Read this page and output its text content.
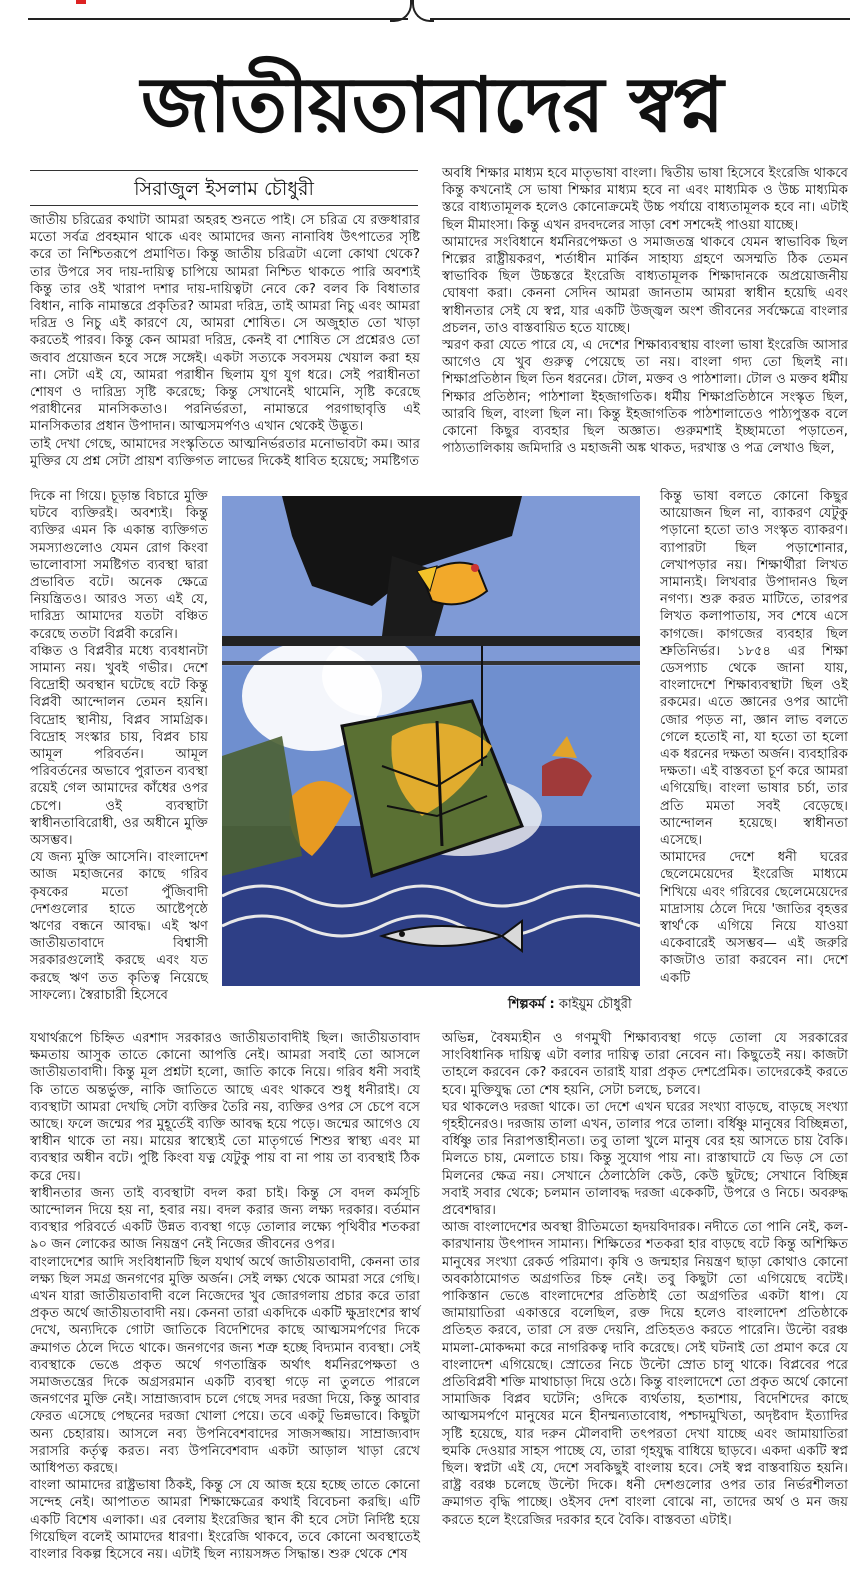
জাতীয়তাবাদের স্বপ্ন
সিরাজুল ইসলাম চৌধুরী

জাতীয় চরিত্রের কথাটা আমরা অহরহ শুনতে পাই। সে চরিত্র যে রক্তধারার মতো সর্বত্র প্রবহমান থাকে এবং আমাদের জন্য নানাবিধ উৎপাতের সৃষ্টি করে তা নিশ্চিতরূপে প্রমাণিত। কিন্তু জাতীয় চরিত্রটা এলো কোথা থেকে? তার উপরে সব দায়-দায়িত্ব চাপিয়ে আমরা নিশ্চিত থাকতে পারি অবশ্যই কিন্তু তার ওই খারাপ দশার দায়-দায়িত্বটা নেবে কে? বলব কি বিধাতার বিধান, নাকি নামান্তরে প্রকৃতির? আমরা দরিদ্র, তাই আমরা নিচু এবং আমরা দরিদ্র ও নিচু এই কারণে যে, আমরা শোষিত। সে অজুহাত তো খাড়া করতেই পারব। কিন্তু কেন আমরা দরিদ্র, কেনই বা শোষিত সে প্রশ্নেরও তো জবাব প্রয়োজন হবে সঙ্গে সঙ্গেই। একটা সত্যকে সবসময় খেয়াল করা হয় না। সেটা এই যে, আমরা পরাধীন ছিলাম যুগ যুগ ধরে। সেই পরাধীনতা শোষণ ও দারিদ্র্য সৃষ্টি করেছে; কিন্তু সেখানেই থামেনি, সৃষ্টি করেছে পরাধীনের মানসিকতাও। পরনির্ভরতা, নামান্তরে পরগাছাবৃত্তি এই মানসিকতার প্রধান উপাদান। আত্মসমর্পণও এখান থেকেই উদ্ভূত।

তাই দেখা গেছে, আমাদের সংস্কৃতিতে আত্মনির্ভরতার মনোভাবটা কম। আর মুক্তির যে প্রশ্ন সেটা প্রায়শ ব্যক্তিগত লাভের দিকেই ধাবিত হয়েছে; সমষ্টিগত

দিকে না গিয়ে। চূড়ান্ত বিচারে মুক্তি ঘটবে ব্যক্তিরই। অবশ্যই। কিন্তু ব্যক্তির এমন কি একান্ত ব্যক্তিগত সমস্যাগুলোও যেমন রোগ কিংবা ভালোবাসা সমষ্টিগত ব্যবস্থা দ্বারা প্রভাবিত বটে। অনেক ক্ষেত্রে নিয়ন্ত্রিতও। আরও সত্য এই যে, দারিদ্র্য আমাদের যতটা বঞ্চিত করেছে ততটা বিপ্লবী করেনি।

বঞ্চিত ও বিপ্লবীর মধ্যে ব্যবধানটা সামান্য নয়। খুবই গভীর। দেশে বিদ্রোহী অবস্থান ঘটেছে বটে কিন্তু বিপ্লবী আন্দোলন তেমন হয়নি। বিদ্রোহ স্থানীয়, বিপ্লব সামগ্রিক। বিদ্রোহ সংস্কার চায়, বিপ্লব চায় আমূল পরিবর্তন। আমূল পরিবর্তনের অভাবে পুরাতন ব্যবস্থা রয়েই গেল আমাদের কাঁধের ওপর চেপে। ওই ব্যবস্থাটা স্বাধীনতাবিরোধী, ওর অধীনে মুক্তি অসম্ভব।

যে জন্য মুক্তি আসেনি। বাংলাদেশ আজ মহাজনের কাছে গরিব কৃষকের মতো পুঁজিবাদী দেশগুলোর হাতে আষ্টেপৃষ্ঠে ঋণের বন্ধনে আবদ্ধ। এই ঋণ জাতীয়তাবাদে বিশ্বাসী সরকারগুলোই করছে এবং যত করছে ঋণ তত কৃতিত্ব নিয়েছে সাফল্যে। স্বৈরাচারী হিসেবে

যথার্থরূপে চিহ্নিত এরশাদ সরকারও জাতীয়তাবাদীই ছিল। জাতীয়তাবাদ ক্ষমতায় আসুক তাতে কোনো আপত্তি নেই। আমরা সবাই তো আসলে জাতীয়তাবাদী। কিন্তু মূল প্রশ্নটা হলো, জাতি কাকে নিয়ে। গরিব ধনী সবাই কি তাতে অন্তর্ভুক্ত, নাকি জাতিতে আছে এবং থাকবে শুধু ধনীরাই। যে ব্যবস্থাটা আমরা দেখছি সেটা ব্যক্তির তৈরি নয়, ব্যক্তির ওপর সে চেপে বসে আছে। ফলে জন্মের পর মুহূর্তেই ব্যক্তি আবদ্ধ হয়ে পড়ে। জন্মের আগেও যে স্বাধীন থাকে তা নয়। মায়ের স্বাস্থ্যেই তো মাতৃগর্ভে শিশুর স্বাস্থ্য এবং মা ব্যবস্থার অধীন বটে। পুষ্টি কিংবা যত্ন যেটুকু পায় বা না পায় তা ব্যবস্থাই ঠিক করে দেয়।

স্বাধীনতার জন্য তাই ব্যবস্থাটা বদল করা চাই। কিন্তু সে বদল কর্মসূচি আন্দোলন দিয়ে হয় না, হবার নয়। বদল করার জন্য লক্ষ্য দরকার। বর্তমান ব্যবস্থার পরিবর্তে একটি উন্নত ব্যবস্থা গড়ে তোলার লক্ষ্যে পৃথিবীর শতকরা ৯০ জন লোকের আজ নিয়ন্ত্রণ নেই নিজের জীবনের ওপর।

বাংলাদেশের আদি সংবিধানটি ছিল যথার্থ অর্থে জাতীয়তাবাদী, কেননা তার লক্ষ্য ছিল সমগ্র জনগণের মুক্তি অর্জন। সেই লক্ষ্য থেকে আমরা সরে গেছি। এখন যারা জাতীয়তাবাদী বলে নিজেদের খুব জোরগলায় প্রচার করে তারা প্রকৃত অর্থে জাতীয়তাবাদী নয়। কেননা তারা একদিকে একটি ক্ষুদ্রাংশের স্বার্থ দেখে, অন্যদিকে গোটা জাতিকে বিদেশিদের কাছে আত্মসমর্পণের দিকে ক্রমাগত ঠেলে দিতে থাকে। জনগণের জন্য শত্রু হচ্ছে বিদ্যমান ব্যবস্থা। সেই ব্যবস্থাকে ভেঙে প্রকৃত অর্থে গণতান্ত্রিক অর্থাৎ ধর্মনিরপেক্ষতা ও সমাজতন্ত্রের দিকে অগ্রসরমান একটি ব্যবস্থা গড়ে না তুলতে পারলে জনগণের মুক্তি নেই। সাম্রাজ্যবাদ চলে গেছে সদর দরজা দিয়ে, কিন্তু আবার ফেরত এসেছে পেছনের দরজা খোলা পেয়ে। তবে একটু ভিন্নভাবে। কিছুটা অন্য চেহারায়। আসলে নব্য উপনিবেশবাদের সাজসজ্জায়। সাম্রাজ্যবাদ সরাসরি কর্তৃত্ব করত। নব্য উপনিবেশবাদ একটা আড়াল খাড়া রেখে আধিপত্য করছে।

বাংলা আমাদের রাষ্ট্রভাষা ঠিকই, কিন্তু সে যে আজ হয়ে হচ্ছে তাতে কোনো সন্দেহ নেই। আপাতত আমরা শিক্ষাক্ষেত্রের কথাই বিবেচনা করছি। এটি একটি বিশেষ এলাকা। এর বেলায় ইংরেজির স্থান কী হবে সেটা নির্দিষ্ট হয়ে গিয়েছিল বলেই আমাদের ধারণা। ইংরেজি থাকবে, তবে কোনো অবস্থাতেই বাংলার বিকল্প হিসেবে নয়। এটাই ছিল ন্যায়সঙ্গত সিদ্ধান্ত। শুরু থেকে শেষ

অবধি শিক্ষার মাধ্যম হবে মাতৃভাষা বাংলা। দ্বিতীয় ভাষা হিসেবে ইংরেজি থাকবে কিন্তু কখনোই সে ভাষা শিক্ষার মাধ্যম হবে না এবং মাধ্যমিক ও উচ্চ মাধ্যমিক স্তরে বাধ্যতামূলক হলেও কোনোক্রমেই উচ্চ পর্যায়ে বাধ্যতামূলক হবে না। এটাই ছিল মীমাংসা। কিন্তু এখন রদবদলের সাড়া বেশ সশব্দেই পাওয়া যাচ্ছে।

আমাদের সংবিধানে ধর্মনিরপেক্ষতা ও সমাজতন্ত্র থাকবে যেমন স্বাভাবিক ছিল শিল্পের রাষ্ট্রীয়করণ, শর্তাধীন মার্কিন সাহায্য গ্রহণে অসম্মতি ঠিক তেমন স্বাভাবিক ছিল উচ্চস্তরে ইংরেজি বাধ্যতামূলক শিক্ষাদানকে অপ্রয়োজনীয় ঘোষণা করা। কেননা সেদিন আমরা জানতাম আমরা স্বাধীন হয়েছি এবং স্বাধীনতার সেই যে স্বপ্ন, যার একটি উজ্জ্বল অংশ জীবনের সর্বক্ষেত্রে বাংলার প্রচলন, তাও বাস্তবায়িত হতে যাচ্ছে।

স্মরণ করা যেতে পারে যে, এ দেশের শিক্ষাব্যবস্থায় বাংলা ভাষা ইংরেজি আসার আগেও যে খুব গুরুত্ব পেয়েছে তা নয়। বাংলা গদ্য তো ছিলই না। শিক্ষাপ্রতিষ্ঠান ছিল তিন ধরনের। টোল, মক্তব ও পাঠশালা। টোল ও মক্তব ধর্মীয় শিক্ষার প্রতিষ্ঠান; পাঠশালা ইহজাগতিক। ধর্মীয় শিক্ষাপ্রতিষ্ঠানে সংস্কৃত ছিল, আরবি ছিল, বাংলা ছিল না। কিন্তু ইহজাগতিক পাঠশালাতেও পাঠ্যপুস্তক বলে কোনো কিছুর ব্যবহার ছিল অজ্ঞাত। গুরুমশাই ইচ্ছামতো পড়াতেন, পাঠ্যতালিকায় জমিদারি ও মহাজনী অঙ্ক থাকত, দরখাস্ত ও পত্র লেখাও ছিল,

কিন্তু ভাষা বলতে কোনো কিছুর আয়োজন ছিল না, ব্যাকরণ যেটুকু পড়ানো হতো তাও সংস্কৃত ব্যাকরণ। ব্যাপারটা ছিল পড়াশোনার, লেখাপড়ার নয়। শিক্ষার্থীরা লিখত সামান্যই। লিখবার উপাদানও ছিল নগণ্য। শুরু করত মাটিতে, তারপর লিখত কলাপাতায়, সব শেষে এসে কাগজে। কাগজের ব্যবহার ছিল শ্রুতিনির্ভর। ১৮৫৪ এর শিক্ষা ডেসপ্যাচ থেকে জানা যায়, বাংলাদেশে শিক্ষাব্যবস্থাটা ছিল ওই রকমের। এতে জ্ঞানের ওপর আদৌ জোর পড়ত না, জ্ঞান লাভ বলতে গেলে হতোই না, যা হতো তা হলো এক ধরনের দক্ষতা অর্জন। ব্যবহারিক দক্ষতা। এই বাস্তবতা চূর্ণ করে আমরা এগিয়েছি। বাংলা ভাষার চর্চা, তার প্রতি মমতা সবই বেড়েছে। আন্দোলন হয়েছে। স্বাধীনতা এসেছে।

আমাদের দেশে ধনী ঘরের ছেলেমেয়েদের ইংরেজি মাধ্যমে শিখিয়ে এবং গরিবের ছেলেমেয়েদের মাদ্রাসায় ঠেলে দিয়ে 'জাতির বৃহত্তর স্বার্থ'কে এগিয়ে নিয়ে যাওয়া একেবারেই অসম্ভব— এই জরুরি কাজটাও তারা করবেন না। দেশে একটি

অভিন্ন, বৈষম্যহীন ও গণমুখী শিক্ষাব্যবস্থা গড়ে তোলা যে সরকারের সাংবিধানিক দায়িত্ব এটা বলার দায়িত্ব তারা নেবেন না। কিছুতেই নয়। কাজটা তাহলে করবেন কে? করবেন তারাই যারা প্রকৃত দেশপ্রেমিক। তাদেরকেই করতে হবে। মুক্তিযুদ্ধ তো শেষ হয়নি, সেটা চলছে, চলবে।

ঘর থাকলেও দরজা থাকে। তা দেশে এখন ঘরের সংখ্যা বাড়ছে, বাড়ছে সংখ্যা গৃহহীনেরও। দরজায় তালা এখন, তালার পরে তালা। বর্ধিষ্ণু মানুষের বিচ্ছিন্নতা, বর্ধিষ্ণু তার নিরাপত্তাহীনতা। তবু তালা খুলে মানুষ বের হয় আসতে চায় বৈকি। মিলতে চায়, মেলাতে চায়। কিন্তু সুযোগ পায় না। রাস্তাঘাটে যে ভিড় সে তো মিলনের ক্ষেত্র নয়। সেখানে ঠেলাঠেলি কেউ, কেউ ছুটছে; সেখানে বিচ্ছিন্ন সবাই সবার থেকে; চলমান তালাবদ্ধ দরজা একেকটি, উপরে ও নিচে। অবরুদ্ধ প্রবেশদ্বার।

আজ বাংলাদেশের অবস্থা রীতিমতো হৃদয়বিদারক। নদীতে তো পানি নেই, কল-কারখানায় উৎপাদন সামান্য। শিক্ষিতের শতকরা হার বাড়ছে বটে কিন্তু অশিক্ষিত মানুষের সংখ্যা রেকর্ড পরিমাণ। কৃষি ও জন্মহার নিয়ন্ত্রণ ছাড়া কোথাও কোনো অবকাঠামোগত অগ্রগতির চিহ্ন নেই। তবু কিছুটা তো এগিয়েছে বটেই। পাকিস্তান ভেঙে বাংলাদেশের প্রতিষ্ঠাই তো অগ্রগতির একটা ধাপ। যে জামায়াতিরা একাত্তরে বলেছিল, রক্ত দিয়ে হলেও বাংলাদেশ প্রতিষ্ঠাকে প্রতিহত করবে, তারা সে রক্ত দেয়নি, প্রতিহতও করতে পারেনি। উল্টো বরঞ্চ মামলা-মোকদ্দমা করে নাগরিকত্ব দাবি করেছে। সেই ঘটনাই তো প্রমাণ করে যে বাংলাদেশ এগিয়েছে। স্রোতের নিচে উল্টো স্রোত চালু থাকে। বিপ্লবের পরে প্রতিবিপ্লবী শক্তি মাথাচাড়া দিয়ে ওঠে। কিন্তু বাংলাদেশে তো প্রকৃত অর্থে কোনো সামাজিক বিপ্লব ঘটেনি; ওদিকে ব্যর্থতায়, হতাশায়, বিদেশিদের কাছে আত্মসমর্পণে মানুষের মনে হীনম্মন্যতাবোধ, পশ্চাদমুখিতা, অদৃষ্টবাদ ইত্যাদির সৃষ্টি হয়েছে, যার দরুন মৌলবাদী তৎপরতা দেখা যাচ্ছে এবং জামায়াতিরা হুমকি দেওয়ার সাহস পাচ্ছে যে, তারা গৃহযুদ্ধ বাধিয়ে ছাড়বে। একদা একটি স্বপ্ন ছিল। স্বপ্নটা এই যে, দেশে সবকিছুই বাংলায় হবে। সেই স্বপ্ন বাস্তবায়িত হয়নি। রাষ্ট্র বরঞ্চ চলেছে উল্টো দিকে। ধনী দেশগুলোর ওপর তার নির্ভরশীলতা ক্রমাগত বৃদ্ধি পাচ্ছে। ওইসব দেশ বাংলা বোঝে না, তাদের অর্থ ও মন জয় করতে হলে ইংরেজির দরকার হবে বৈকি। বাস্তবতা এটাই।

শিল্পকর্ম : কাইয়ুম চৌধুরী
